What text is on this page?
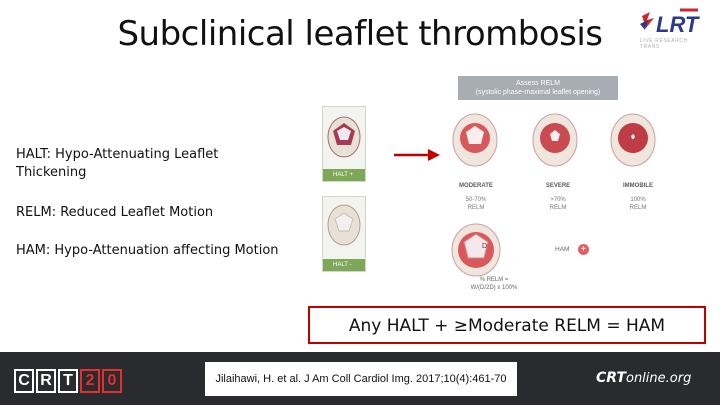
Subclinical leaflet thrombosis	LRT
LIVE RESEARCH TRANS
HALT: Hypo-Attenuating Leaflet
Thickening
RELM: Reduced Leaflet Motion
HAM: Hypo-Attenuation affecting Motion
HALT +
HALT -
Assess RELM
(systolic phase-maximal leaflet opening)
D
MODERATE	SEVERE	IMMOBILE
50-70%
RELM
>70%
RELM
100%
RELM
HAM +
% RELM =
W/(D/2D) x 100%
Any HALT + ≥Moderate RELM = HAM
C R T 2 0	Jilaihawi, H. et al. J Am Coll Cardiol Img. 2017;10(4):461-70	CRTonline.org
